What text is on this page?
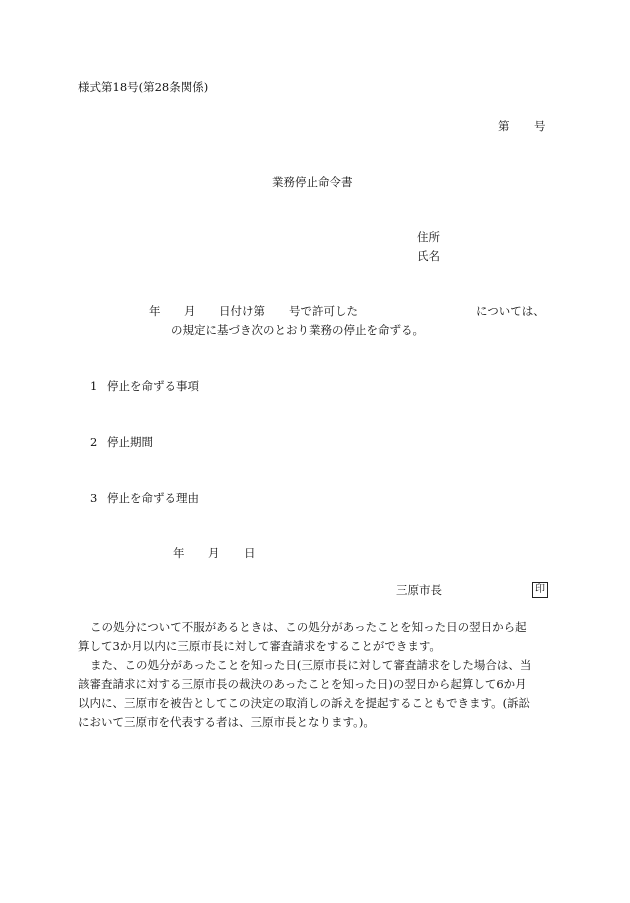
様式第18号(第28条関係)
第 号
業務停止命令書
住所
氏名
年 月 日付け第 号で許可した	については、
の規定に基づき次のとおり業務の停止を命ずる。
1 停止を命ずる事項
2 停止期間
3 停止を命ずる理由
年 月 日
三原市長	印
この処分について不服があるときは、この処分があったことを知った日の翌日から起
算して3か月以内に三原市長に対して審査請求をすることができます。
また、この処分があったことを知った日(三原市長に対して審査請求をした場合は、当
該審査請求に対する三原市長の裁決のあったことを知った日)の翌日から起算して6か月
以内に、三原市を被告としてこの決定の取消しの訴えを提起することもできます。(訴訟
において三原市を代表する者は、三原市長となります。)。
